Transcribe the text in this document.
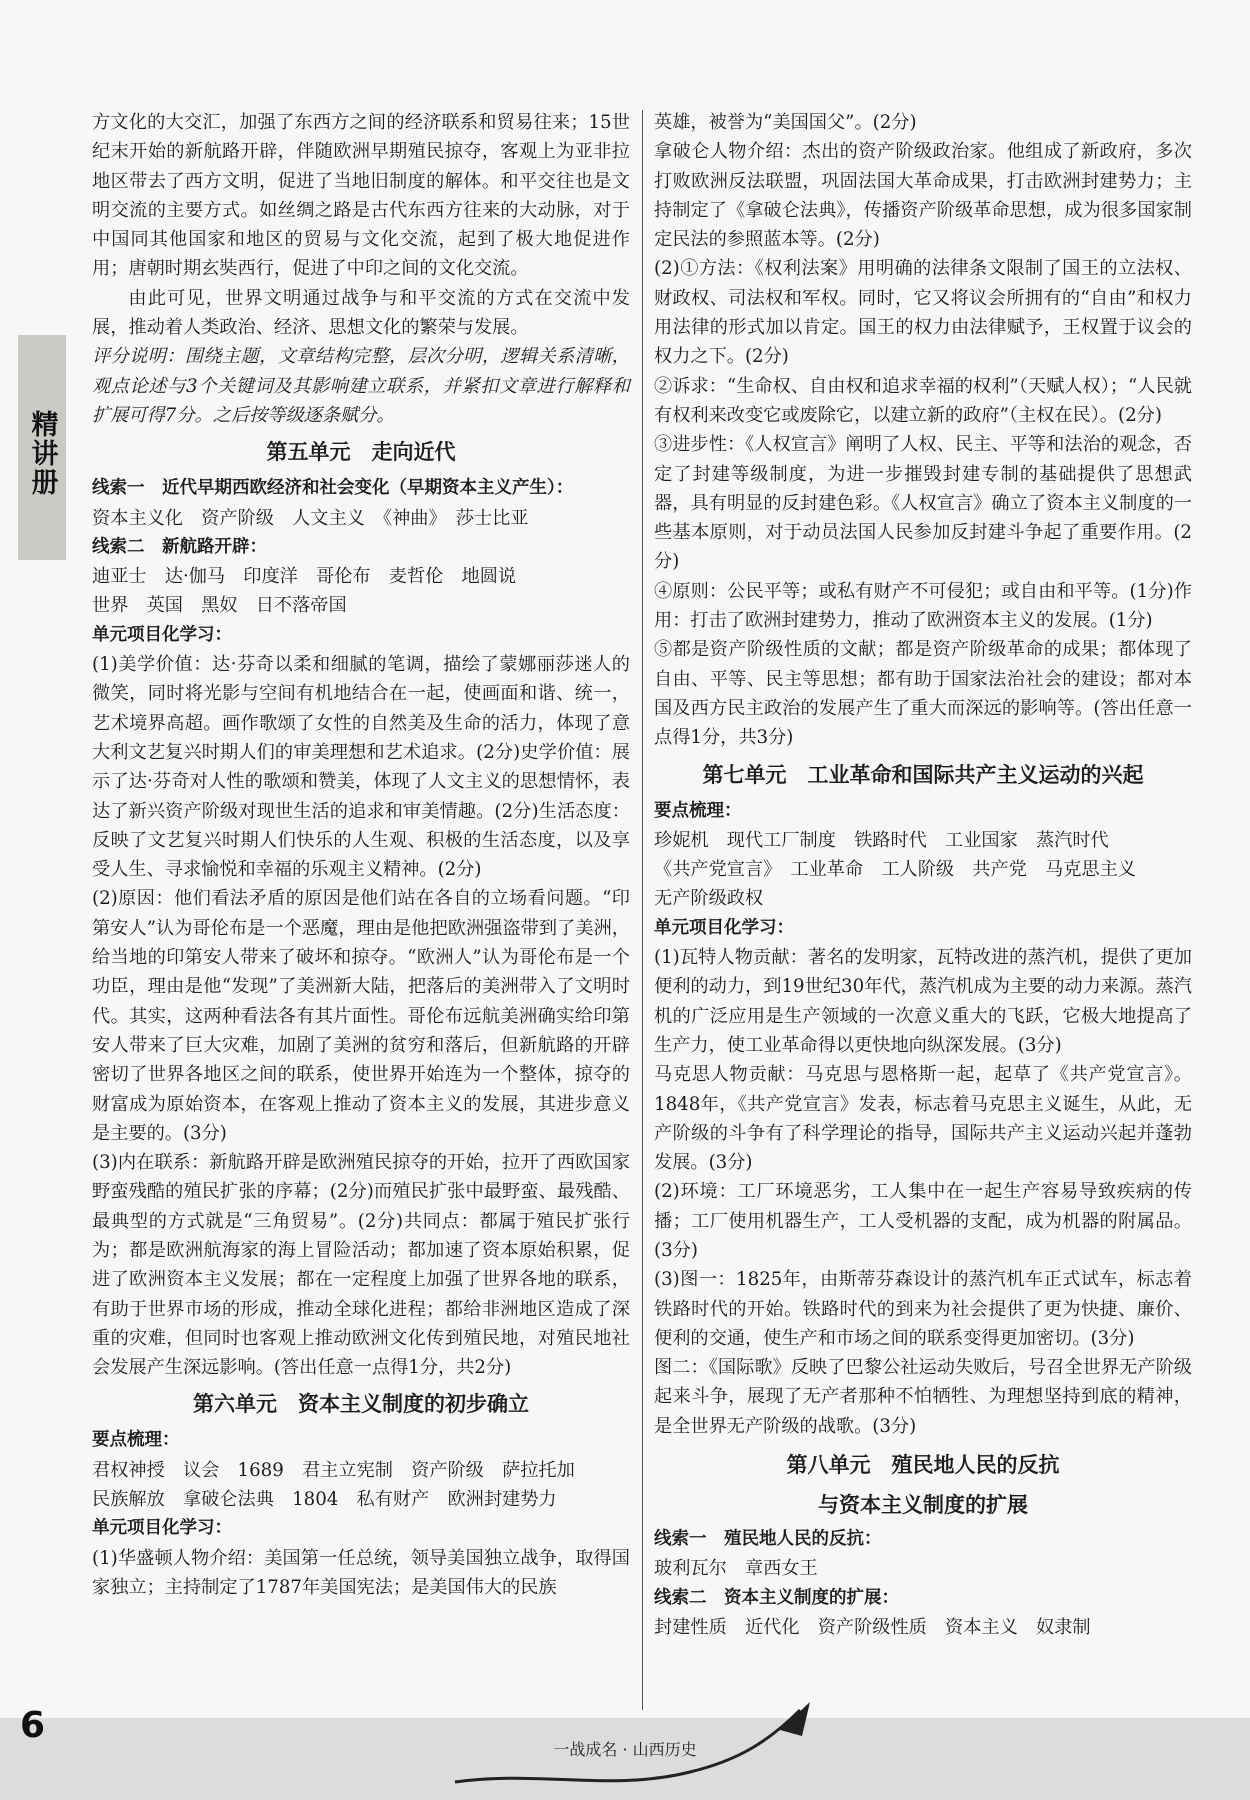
精讲册

方文化的大交汇，加强了东西方之间的经济联系和贸易往来；15世纪末开始的新航路开辟，伴随欧洲早期殖民掠夺，客观上为亚非拉地区带去了西方文明，促进了当地旧制度的解体。和平交往也是文明交流的主要方式。如丝绸之路是古代东西方往来的大动脉，对于中国同其他国家和地区的贸易与文化交流，起到了极大地促进作用；唐朝时期玄奘西行，促进了中印之间的文化交流。

由此可见，世界文明通过战争与和平交流的方式在交流中发展，推动着人类政治、经济、思想文化的繁荣与发展。

评分说明：围绕主题，文章结构完整，层次分明，逻辑关系清晰，观点论述与3个关键词及其影响建立联系，并紧扣文章进行解释和扩展可得7分。之后按等级逐条赋分。

第五单元　走向近代
线索一　近代早期西欧经济和社会变化（早期资本主义产生）：

资本主义化　资产阶级　人文主义　《神曲》　莎士比亚

线索二　新航路开辟：

迪亚士　达·伽马　印度洋　哥伦布　麦哲伦　地圆说

世界　英国　黑奴　日不落帝国

单元项目化学习：

(1)美学价值：达·芬奇以柔和细腻的笔调，描绘了蒙娜丽莎迷人的微笑，同时将光影与空间有机地结合在一起，使画面和谐、统一，艺术境界高超。画作歌颂了女性的自然美及生命的活力，体现了意大利文艺复兴时期人们的审美理想和艺术追求。(2分)史学价值：展示了达·芬奇对人性的歌颂和赞美，体现了人文主义的思想情怀，表达了新兴资产阶级对现世生活的追求和审美情趣。(2分)生活态度：反映了文艺复兴时期人们快乐的人生观、积极的生活态度，以及享受人生、寻求愉悦和幸福的乐观主义精神。(2分)

(2)原因：他们看法矛盾的原因是他们站在各自的立场看问题。“印第安人”认为哥伦布是一个恶魔，理由是他把欧洲强盗带到了美洲，给当地的印第安人带来了破坏和掠夺。“欧洲人”认为哥伦布是一个功臣，理由是他“发现”了美洲新大陆，把落后的美洲带入了文明时代。其实，这两种看法各有其片面性。哥伦布远航美洲确实给印第安人带来了巨大灾难，加剧了美洲的贫穷和落后，但新航路的开辟密切了世界各地区之间的联系，使世界开始连为一个整体，掠夺的财富成为原始资本，在客观上推动了资本主义的发展，其进步意义是主要的。(3分)

(3)内在联系：新航路开辟是欧洲殖民掠夺的开始，拉开了西欧国家野蛮残酷的殖民扩张的序幕；(2分)而殖民扩张中最野蛮、最残酷、最典型的方式就是“三角贸易”。(2分)共同点：都属于殖民扩张行为；都是欧洲航海家的海上冒险活动；都加速了资本原始积累，促进了欧洲资本主义发展；都在一定程度上加强了世界各地的联系，有助于世界市场的形成，推动全球化进程；都给非洲地区造成了深重的灾难，但同时也客观上推动欧洲文化传到殖民地，对殖民地社会发展产生深远影响。(答出任意一点得1分，共2分)

第六单元　资本主义制度的初步确立
要点梳理：

君权神授　议会　1689　君主立宪制　资产阶级　萨拉托加

民族解放　拿破仑法典　1804　私有财产　欧洲封建势力

单元项目化学习：

(1)华盛顿人物介绍：美国第一任总统，领导美国独立战争，取得国家独立；主持制定了1787年美国宪法；是美国伟大的民族

英雄，被誉为“美国国父”。(2分)

拿破仑人物介绍：杰出的资产阶级政治家。他组成了新政府，多次打败欧洲反法联盟，巩固法国大革命成果，打击欧洲封建势力；主持制定了《拿破仑法典》，传播资产阶级革命思想，成为很多国家制定民法的参照蓝本等。(2分)

(2)①方法：《权利法案》用明确的法律条文限制了国王的立法权、财政权、司法权和军权。同时，它又将议会所拥有的“自由”和权力用法律的形式加以肯定。国王的权力由法律赋予，王权置于议会的权力之下。(2分)

②诉求：“生命权、自由权和追求幸福的权利”（天赋人权）；“人民就有权利来改变它或废除它，以建立新的政府”（主权在民）。(2分)

③进步性：《人权宣言》阐明了人权、民主、平等和法治的观念，否定了封建等级制度，为进一步摧毁封建专制的基础提供了思想武器，具有明显的反封建色彩。《人权宣言》确立了资本主义制度的一些基本原则，对于动员法国人民参加反封建斗争起了重要作用。(2分)

④原则：公民平等；或私有财产不可侵犯；或自由和平等。(1分)作用：打击了欧洲封建势力，推动了欧洲资本主义的发展。(1分)

⑤都是资产阶级性质的文献；都是资产阶级革命的成果；都体现了自由、平等、民主等思想；都有助于国家法治社会的建设；都对本国及西方民主政治的发展产生了重大而深远的影响等。(答出任意一点得1分，共3分)

第七单元　工业革命和国际共产主义运动的兴起
要点梳理：

珍妮机　现代工厂制度　铁路时代　工业国家　蒸汽时代

《共产党宣言》　工业革命　工人阶级　共产党　马克思主义

无产阶级政权

单元项目化学习：

(1)瓦特人物贡献：著名的发明家，瓦特改进的蒸汽机，提供了更加便利的动力，到19世纪30年代，蒸汽机成为主要的动力来源。蒸汽机的广泛应用是生产领域的一次意义重大的飞跃，它极大地提高了生产力，使工业革命得以更快地向纵深发展。(3分)

马克思人物贡献：马克思与恩格斯一起，起草了《共产党宣言》。1848年，《共产党宣言》发表，标志着马克思主义诞生，从此，无产阶级的斗争有了科学理论的指导，国际共产主义运动兴起并蓬勃发展。(3分)

(2)环境：工厂环境恶劣，工人集中在一起生产容易导致疾病的传播；工厂使用机器生产，工人受机器的支配，成为机器的附属品。(3分)

(3)图一：1825年，由斯蒂芬森设计的蒸汽机车正式试车，标志着铁路时代的开始。铁路时代的到来为社会提供了更为快捷、廉价、便利的交通，使生产和市场之间的联系变得更加密切。(3分)

图二：《国际歌》反映了巴黎公社运动失败后，号召全世界无产阶级起来斗争，展现了无产者那种不怕牺牲、为理想坚持到底的精神，是全世界无产阶级的战歌。(3分)

第八单元　殖民地人民的反抗
与资本主义制度的扩展
线索一　殖民地人民的反抗：

玻利瓦尔　章西女王

线索二　资本主义制度的扩展：

封建性质　近代化　资产阶级性质　资本主义　奴隶制

6
一战成名 · 山西历史
